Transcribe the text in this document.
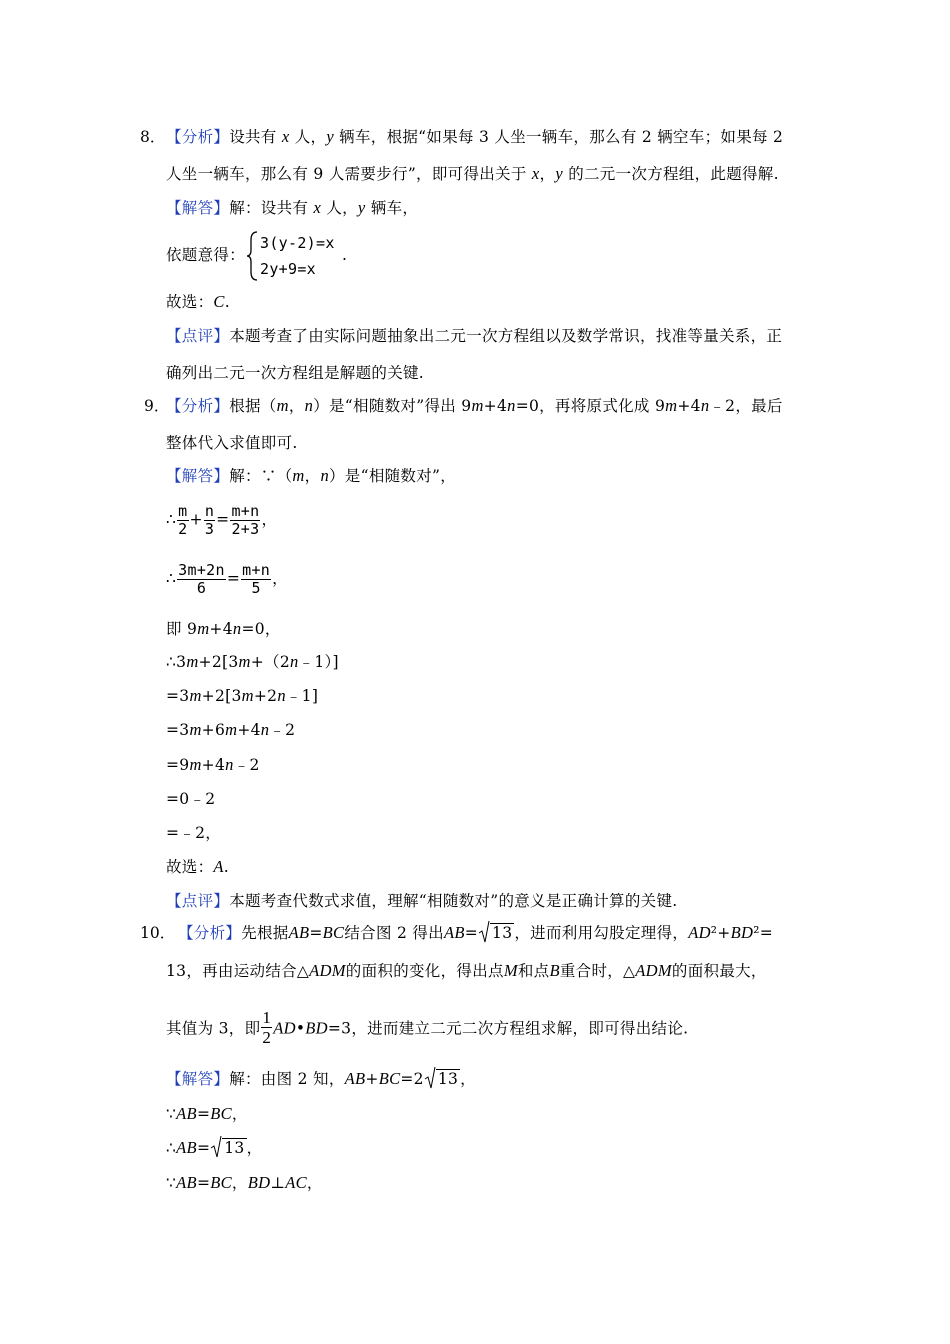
8． 【分析】设共有 x 人，y 辆车，根据“如果每 3 人坐一辆车，那么有 2 辆空车；如果每 2
人坐一辆车，那么有 9 人需要步行”，即可得出关于 x，y 的二元一次方程组，此题得解.
【解答】解：设共有 x 人，y 辆车，
依题意得：
3(y-2)=x
2y+9=x
.
故选：C.
【点评】本题考查了由实际问题抽象出二元一次方程组以及数学常识，找准等量关系，正
确列出二元一次方程组是解题的关键.
9．
【分析】根据（m，n）是“相随数对”得出 9m+4n=0，再将原式化成 9m+4n﹣2，最后
整体代入求值即可.
【解答】解：∵（m，n）是“相随数对”，
∴ $\frac{m}{2} + \frac{n}{3} = \frac{m+n}{2+3}$ ，
∴ $\frac{3m+2n}{6} = \frac{m+n}{5}$ ，
即 9m+4n=0，
∴3m+2[3m+（2n﹣1）]
=3m+2[3m+2n﹣1]
=3m+6m+4n﹣2
=9m+4n﹣2
=0﹣2
=﹣2，
故选：A.
【点评】本题考查代数式求值，理解“相随数对”的意义是正确计算的关键.
10． 【分析】先根据AB=BC结合图 2 得出AB= 13 ，进而利用勾股定理得，AD²+BD²=
13，再由运动结合△ADM的面积的变化，得出点M和点B重合时，△ADM的面积最大，
其值为 3，即 $\frac{1}{2}$ AD•BD=3，进而建立二元二次方程组求解，即可得出结论.
【解答】解：由图 2 知，AB+BC=2 13 ，
∵AB=BC，
∴AB= 13 ，
∵AB=BC，BD⊥AC，
